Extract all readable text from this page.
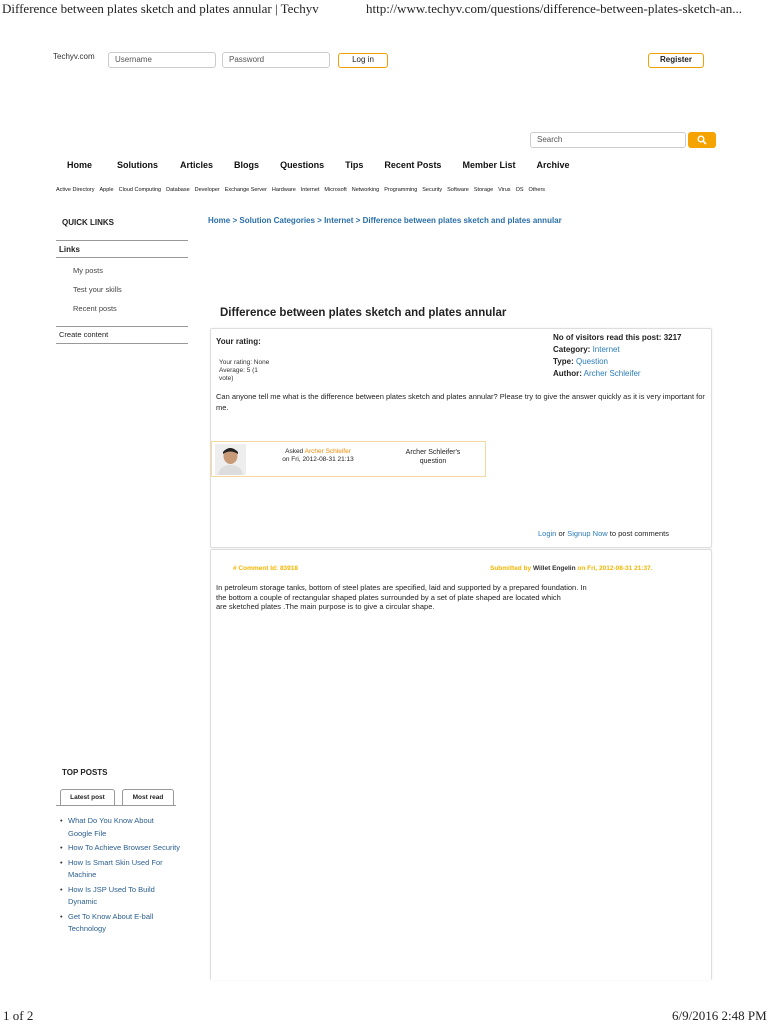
Difference between plates sketch and plates annular | Techyv	http://www.techyv.com/questions/difference-between-plates-sketch-an...
1 of 2	6/9/2016 2:48 PM
Techyv.com	Username	Password	Log in	Register
Search
Home	Solutions Articles Blogs Questions Tips Recent Posts Member List Archive
Active Directory Apple Cloud Computing Database Developer Exchange Server Hardware Internet Microsoft Networking Programming Security Software Storage Virus OS Others
QUICK LINKS
Links
My posts
Test your skills
Recent posts
Create content
Home > Solution Categories > Internet > Difference between plates sketch and plates annular
Difference between plates sketch and plates annular
Your rating:
Your rating: None
Average: 5 (1
vote)
No of visitors read this post: 3217
Category: Internet
Type: Question
Author: Archer Schleifer
Can anyone tell me what is the difference between plates sketch and plates annular? Please try to give the answer quickly as it is very important for me.
Asked Archer Schleifer
on Fri, 2012-08-31 21:13
Archer Schleifer's
question
Login or Signup Now to post comments
# Comment Id: 83918	Submitted by Willet Engelin on Fri, 2012-08-31 21:37.
In petroleum storage tanks, bottom of steel plates are specified, laid and supported by a prepared foundation. In
the bottom a couple of rectangular shaped plates surrounded by a set of plate shaped are located which
are sketched plates .The main purpose is to give a circular shape.
TOP POSTS
Latest post	Most read
• What Do You Know About Google File
• How To Achieve Browser Security
• How Is Smart Skin Used For Machine
• How Is JSP Used To Build Dynamic
• Get To Know About E-ball Technology
